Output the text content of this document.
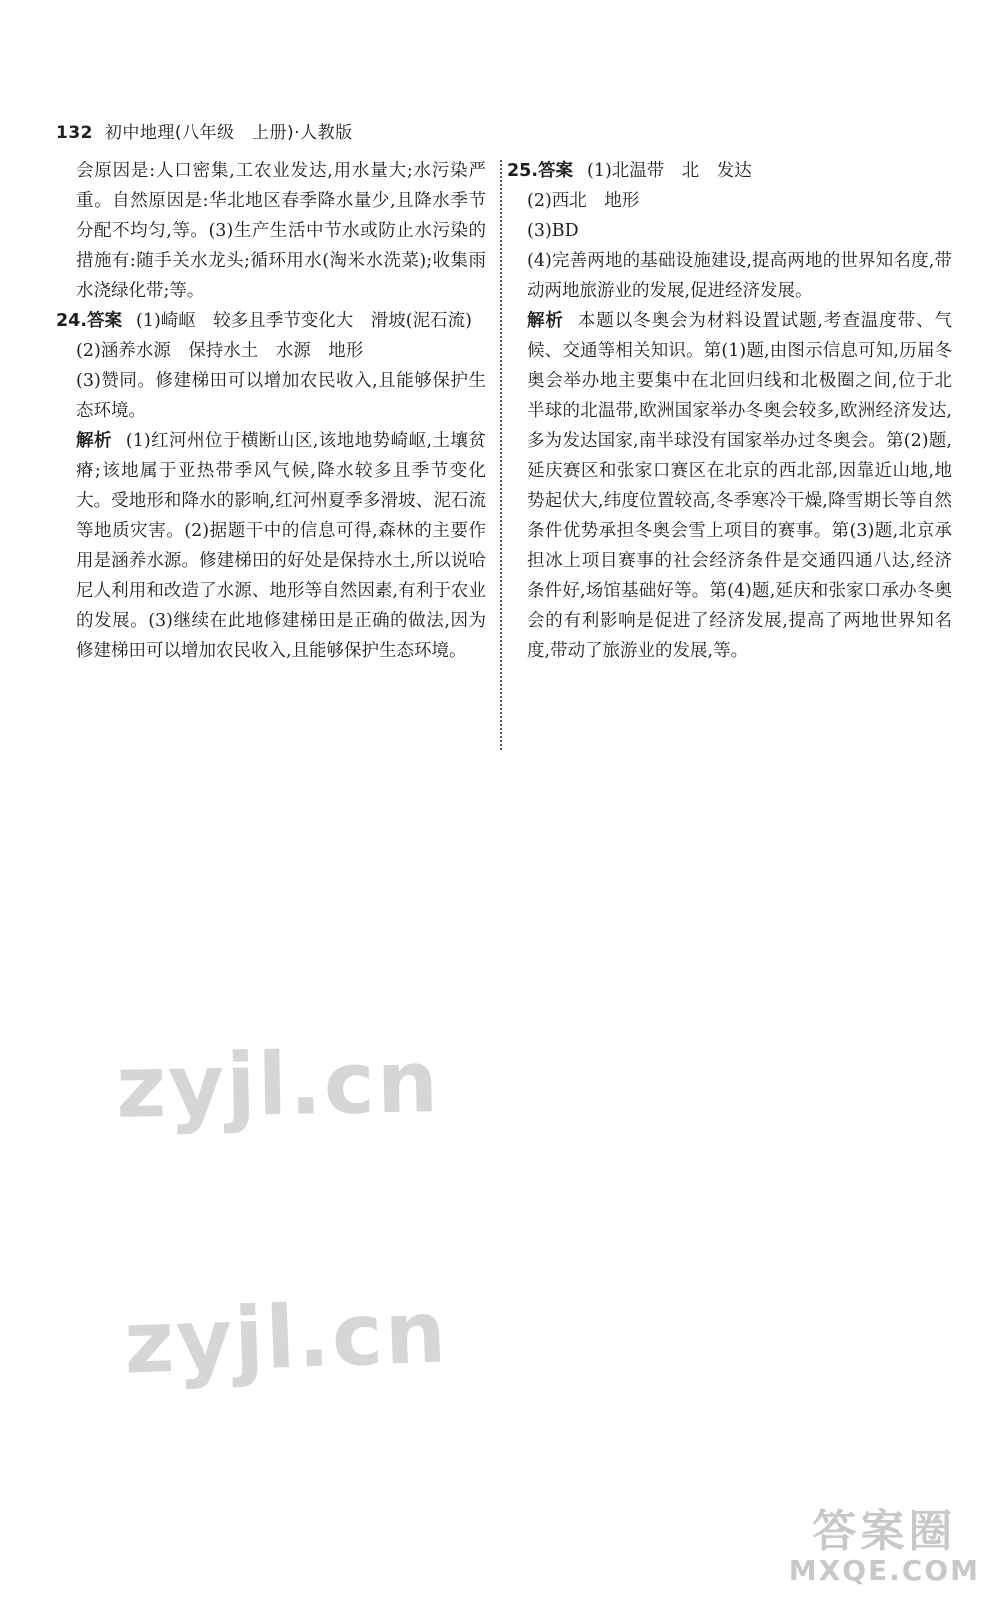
132 初中地理(八年级　上册)·人教版

会原因是:人口密集,工农业发达,用水量大;水污染严重。自然原因是:华北地区春季降水量少,且降水季节分配不均匀,等。(3)生产生活中节水或防止水污染的措施有:随手关水龙头;循环用水(淘米水洗菜);收集雨水浇绿化带;等。

24.答案 (1)崎岖　较多且季节变化大　滑坡(泥石流)

(2)涵养水源　保持水土　水源　地形

(3)赞同。修建梯田可以增加农民收入,且能够保护生态环境。

解析 (1)红河州位于横断山区,该地地势崎岖,土壤贫瘠;该地属于亚热带季风气候,降水较多且季节变化大。受地形和降水的影响,红河州夏季多滑坡、泥石流等地质灾害。(2)据题干中的信息可得,森林的主要作用是涵养水源。修建梯田的好处是保持水土,所以说哈尼人利用和改造了水源、地形等自然因素,有利于农业的发展。(3)继续在此地修建梯田是正确的做法,因为修建梯田可以增加农民收入,且能够保护生态环境。

25.答案 (1)北温带　北　发达

(2)西北　地形

(3)BD

(4)完善两地的基础设施建设,提高两地的世界知名度,带动两地旅游业的发展,促进经济发展。

解析 本题以冬奥会为材料设置试题,考查温度带、气候、交通等相关知识。第(1)题,由图示信息可知,历届冬奥会举办地主要集中在北回归线和北极圈之间,位于北半球的北温带,欧洲国家举办冬奥会较多,欧洲经济发达,多为发达国家,南半球没有国家举办过冬奥会。第(2)题,延庆赛区和张家口赛区在北京的西北部,因靠近山地,地势起伏大,纬度位置较高,冬季寒冷干燥,降雪期长等自然条件优势承担冬奥会雪上项目的赛事。第(3)题,北京承担冰上项目赛事的社会经济条件是交通四通八达,经济条件好,场馆基础好等。第(4)题,延庆和张家口承办冬奥会的有利影响是促进了经济发展,提高了两地世界知名度,带动了旅游业的发展,等。

zyjl.cn
zyjl.cn
答案圈
MXQE.COM
